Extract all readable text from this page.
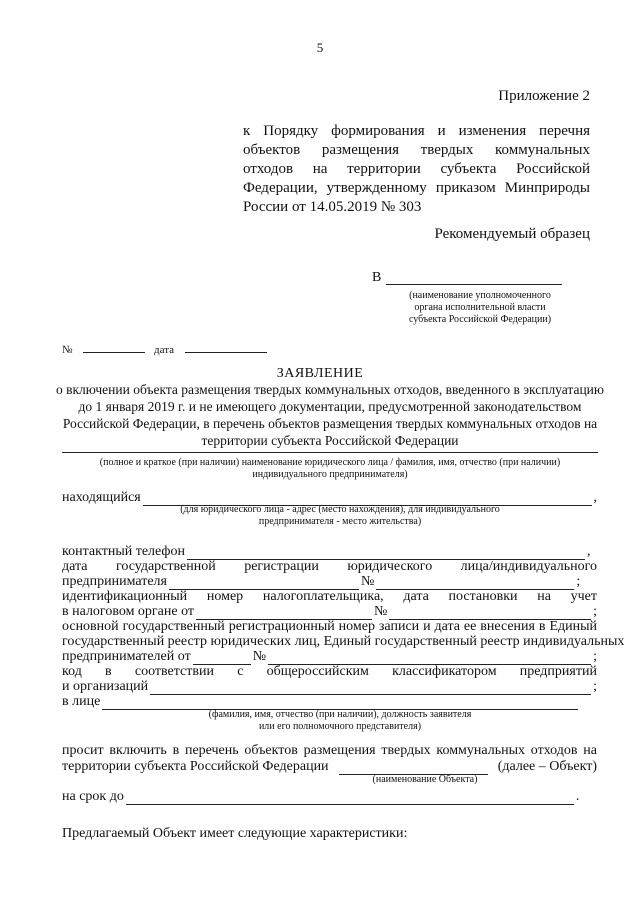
5
Приложение 2
к Порядку формирования и изменения перечня
объектов размещения твердых коммунальных
отходов на территории субъекта Российской
Федерации, утвержденному приказом Минприроды
России от 14.05.2019 № 303
Рекомендуемый образец
В
(наименование уполномоченного
органа исполнительной власти
субъекта Российской Федерации)
№	дата
ЗАЯВЛЕНИЕ
о включении объекта размещения твердых коммунальных отходов, введенного в эксплуатацию
до 1 января 2019 г. и не имеющего документации, предусмотренной законодательством
Российской Федерации, в перечень объектов размещения твердых коммунальных отходов на
территории субъекта Российской Федерации
(полное и краткое (при наличии) наименование юридического лица / фамилия, имя, отчество (при наличии)
индивидуального предпринимателя)
находящийся	,
(для юридического лица - адрес (место нахождения), для индивидуального
предпринимателя - место жительства)
контактный телефон	,
дата государственной регистрации юридического лица/индивидуального
предпринимателя	№	;
идентификационный номер налогоплательщика, дата постановки на учет
в налоговом органе от	№	;
основной государственный регистрационный номер записи и дата ее внесения в Единый
государственный реестр юридических лиц, Единый государственный реестр индивидуальных
предпринимателей от	№	;
код в соответствии с общероссийским классификатором предприятий
и организаций	;
в лице
(фамилия, имя, отчество (при наличии), должность заявителя
или его полномочного представителя)
просит включить в перечень объектов размещения твердых коммунальных отходов на
территории субъекта Российской Федерации	(далее – Объект)
(наименование Объекта)
на срок до	.
Предлагаемый Объект имеет следующие характеристики:
